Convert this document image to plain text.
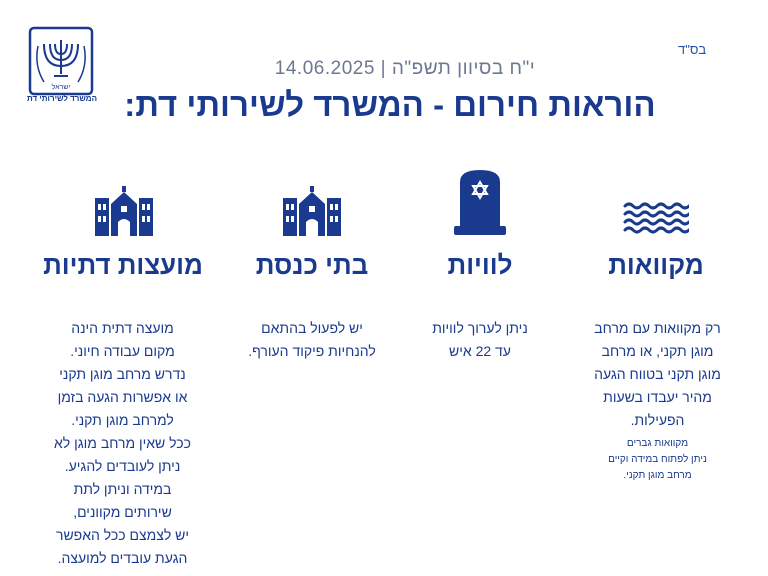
בס"ד
ישראל
המשרד לשירותי דת
י"ח בסיוון תשפ"ה | 14.06.2025
הוראות חירום - המשרד לשירותי דת:
מקוואות
רק מקוואות עם מרחב
מוגן תקני, או מרחב
מוגן תקני בטווח הגעה
מהיר יעבדו בשעות
הפעילות.
מקוואות גברים
ניתן לפתוח במידה וקיים
מרחב מוגן תקני.
לוויות
ניתן לערוך לוויות
עד 22 איש
בתי כנסת
יש לפעול בהתאם
להנחיות פיקוד העורף.
מועצות דתיות
מועצה דתית הינה
מקום עבודה חיוני.
נדרש מרחב מוגן תקני
או אפשרות הגעה בזמן
למרחב מוגן תקני.
ככל שאין מרחב מוגן לא
ניתן לעובדים להגיע.
במידה וניתן לתת
שירותים מקוונים,
יש לצמצם ככל האפשר
הגעת עובדים למועצה.
